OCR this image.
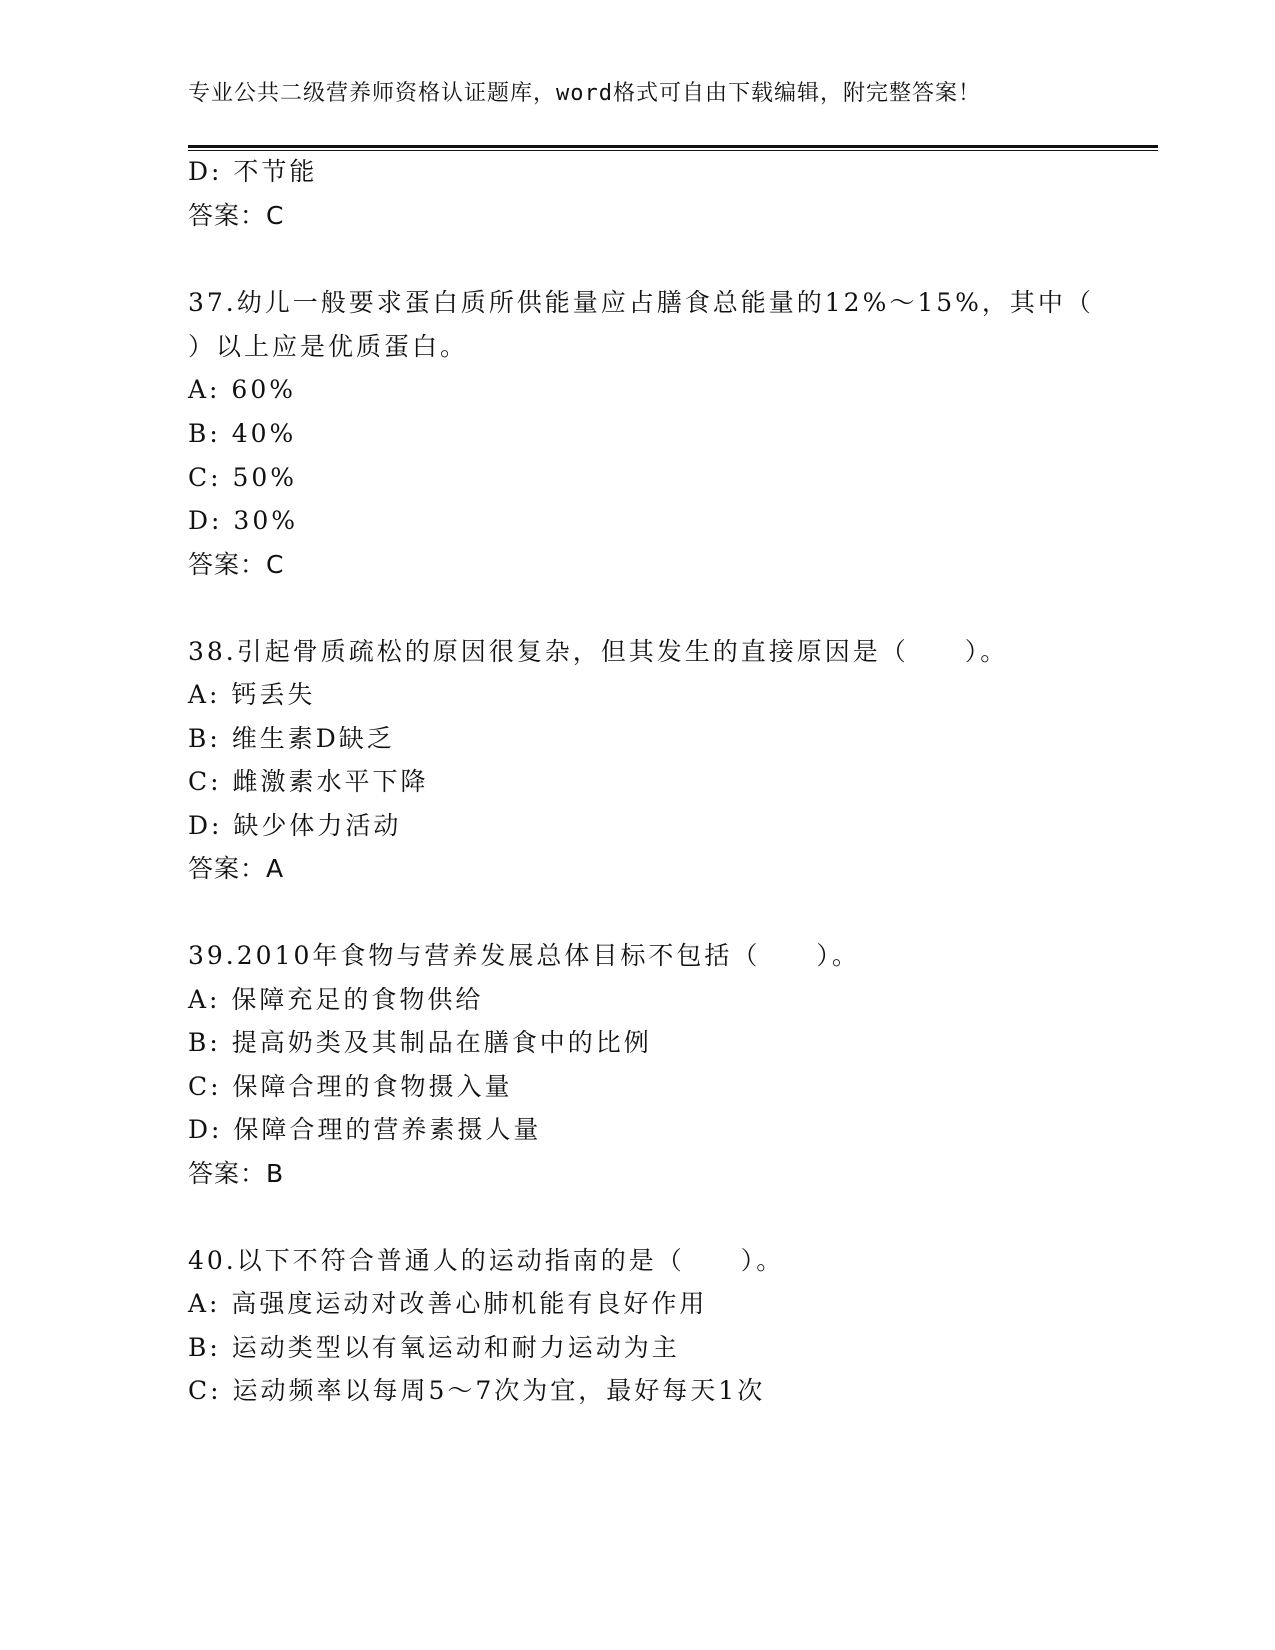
专业公共二级营养师资格认证题库，word格式可自由下载编辑，附完整答案！
D: 不节能
答案：C
37.幼儿一般要求蛋白质所供能量应占膳食总能量的12%～15%，其中（
）以上应是优质蛋白。
A: 60%
B: 40%
C: 50%
D: 30%
答案：C
38.引起骨质疏松的原因很复杂，但其发生的直接原因是（　　）。
A: 钙丢失
B: 维生素D缺乏
C: 雌激素水平下降
D: 缺少体力活动
答案：A
39.2010年食物与营养发展总体目标不包括（　　）。
A: 保障充足的食物供给
B: 提高奶类及其制品在膳食中的比例
C: 保障合理的食物摄入量
D: 保障合理的营养素摄人量
答案：B
40.以下不符合普通人的运动指南的是（　　）。
A: 高强度运动对改善心肺机能有良好作用
B: 运动类型以有氧运动和耐力运动为主
C: 运动频率以每周5～7次为宜，最好每天1次
